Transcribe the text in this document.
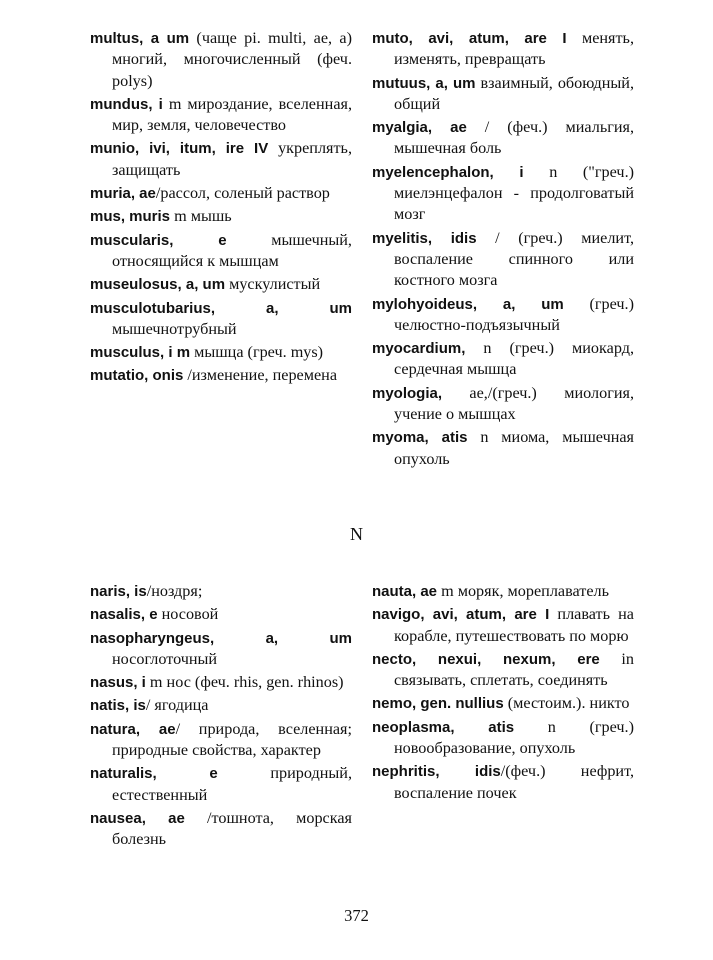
multus, a um (чаще pi. multi, ae, a) многий, многочисленный (феч. polys)

mundus, i m мироздание, вселенная, мир, земля, человечество

munio, ivi, itum, ire IV укреплять, защищать

muria, ae/рассол, соленый раствор

mus, muris m мышь

muscularis, e мышечный, относящийся к мышцам

museulosus, a, um мускулистый

musculotubarius, a, um мышечнотрубный

musculus, i m мышца (греч. mys)

mutatio, onis /изменение, перемена

muto, avi, atum, are I менять, изменять, превращать

mutuus, a, um взаимный, обоюдный, общий

myalgia, ae / (феч.) миальгия, мышечная боль

myelencephalon, i n ("греч.) миелэнцефалон - продолговатый мозг

myelitis, idis / (греч.) миелит, воспаление спинного или костного мозга

mylohyoideus, a, um (греч.) челюстно-подъязычный

myocardium, n (греч.) миокард, сердечная мышца

myologia, ae,/(греч.) миология, учение о мышцах

myoma, atis n миома, мышечная опухоль

N

naris, is/ноздря;

nasalis, e носовой

nasopharyngeus, a, um носоглоточный

nasus, i m нос (феч. rhis, gen. rhinos)

natis, is/ ягодица

natura, ae/ природа, вселенная; природные свойства, характер

naturalis, e природный, естественный

nausea, ae /тошнота, морская болезнь

nauta, ae m моряк, мореплаватель

navigo, avi, atum, are I плавать на корабле, путешествовать по морю

necto, nexui, nexum, ere in связывать, сплетать, соединять

nemo, gen. nullius (местоим.). никто

neoplasma, atis n (греч.) новообразование, опухоль

nephritis, idis/(феч.) нефрит, воспаление почек

372
